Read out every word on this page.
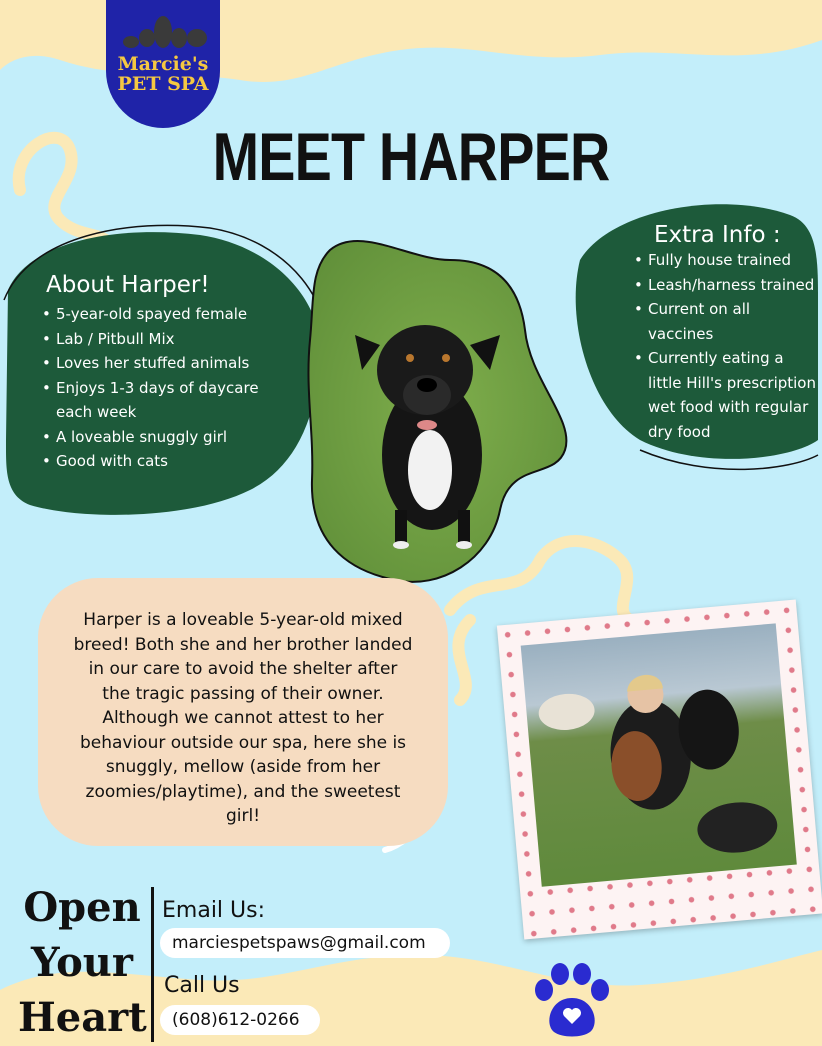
Marcie's
PET SPA
MEET HARPER
About Harper!
• 5-year-old spayed female
• Lab / Pitbull Mix
• Loves her stuffed animals
• Enjoys 1-3 days of daycare each week
• A loveable snuggly girl
• Good with cats
Extra Info :
• Fully house trained
• Leash/harness trained
• Current on all vaccines
• Currently eating a little Hill's prescription wet food with regular dry food

Harper is a loveable 5-year-old mixed breed! Both she and her brother landed in our care to avoid the shelter after the tragic passing of their owner. Although we cannot attest to her behaviour outside our spa, here she is snuggly, mellow (aside from her zoomies/playtime), and the sweetest girl!

Open
Your
Heart
Email Us:
marciespetspaws@gmail.com
Call Us
(608)612-0266
